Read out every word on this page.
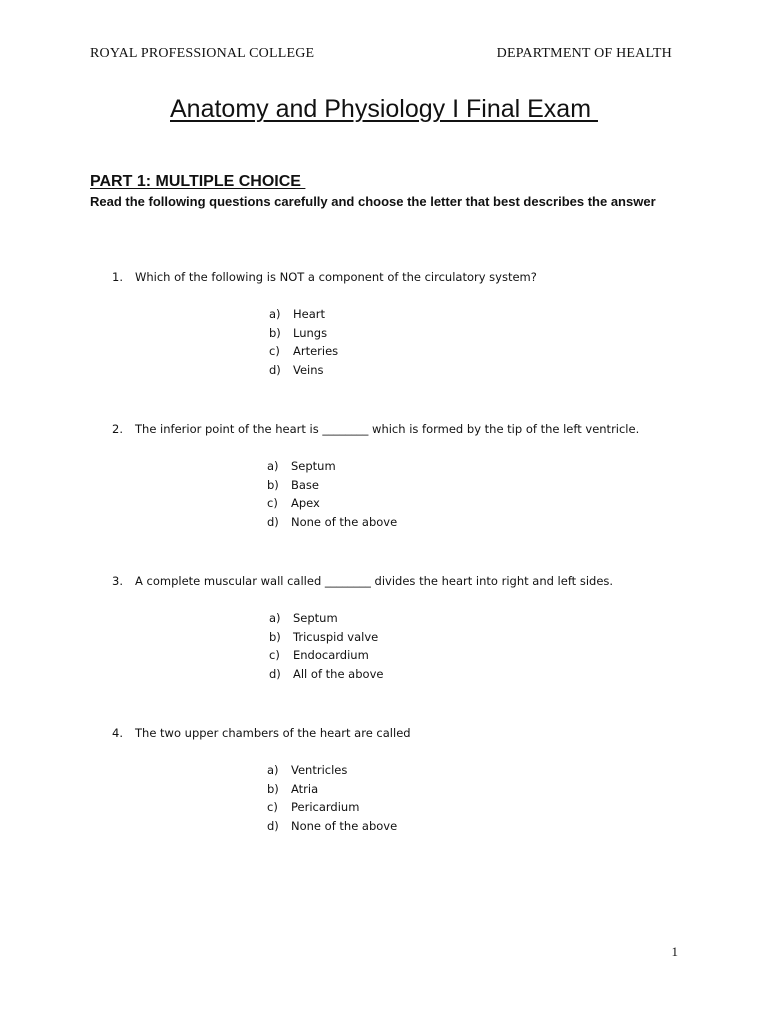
ROYAL PROFESSIONAL COLLEGE	DEPARTMENT OF HEALTH
Anatomy and Physiology I Final Exam
PART 1: MULTIPLE CHOICE
Read the following questions carefully and choose the letter that best describes the answer
1. Which of the following is NOT a component of the circulatory system?
a) Heart
b) Lungs
c) Arteries
d) Veins
2. The inferior point of the heart is ________ which is formed by the tip of the left ventricle.
a) Septum
b) Base
c) Apex
d) None of the above
3. A complete muscular wall called ________ divides the heart into right and left sides.
a) Septum
b) Tricuspid valve
c) Endocardium
d) All of the above
4. The two upper chambers of the heart are called
a) Ventricles
b) Atria
c) Pericardium
d) None of the above
1
